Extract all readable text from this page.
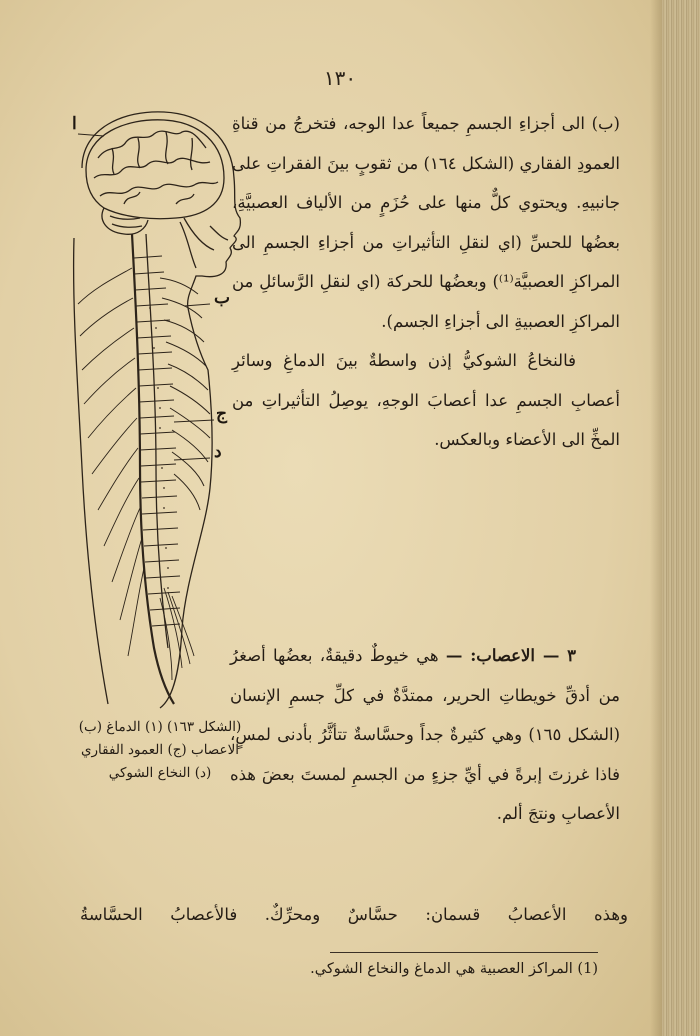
١٣٠

(ب) الى أجزاءِ الجسمِ جميعاً عدا الوجه، فتخرجُ من قناةِ العمودِ الفقاري (الشكل ١٦٤) من ثقوبٍ بينَ الفقراتِ على جانبيهِ. ويحتوي كلٌّ منها على حُزَمٍ من الألياف العصبيَّةِ، بعضُها للحسِّ (اي لنقلِ التأثيراتِ من أجزاءِ الجسمِ الى المراكزِ العصبيَّة⁽¹⁾) وبعضُها للحركة (اي لنقلِ الرَّسائلِ من المراكزِ العصبيةِ الى أجزاءِ الجسم).

فالنخاعُ الشوكيُّ إذن واسطةٌ بينَ الدماغِ وسائرِ أعصابِ الجسمِ عدا أعصابَ الوجهِ، يوصِلُ التأثيراتِ من المخِّ الى الأعضاء وبالعكس.

٣ — الاعصاب: — هي خيوطٌ دقيقةٌ، بعضُها أصغرُ من أدقِّ خويطاتِ الحرير، ممتدَّةٌ في كلِّ جسمِ الإنسان (الشكل ١٦٥) وهي كثيرةٌ جداً وحسَّاسةٌ تتأثَّرُ بأدنى لمسٍ، فاذا غرزتَ إبرةً في أيِّ جزءٍ من الجسمِ لمستَ بعضَ هذه الأعصابِ ونتجَ ألم.

وهذه الأعصابُ قسمان: حسَّاسٌ ومحرِّكٌ. فالأعصابُ الحسَّاسةُ
(1) المراكز العصبية هي الدماغ والنخاع الشوكي.
ا
ب
ج
د
(الشكل ١٦٣) (١) الدماغ (ب)
الاعصاب (ج) العمود الفقاري
(د) النخاع الشوكي
